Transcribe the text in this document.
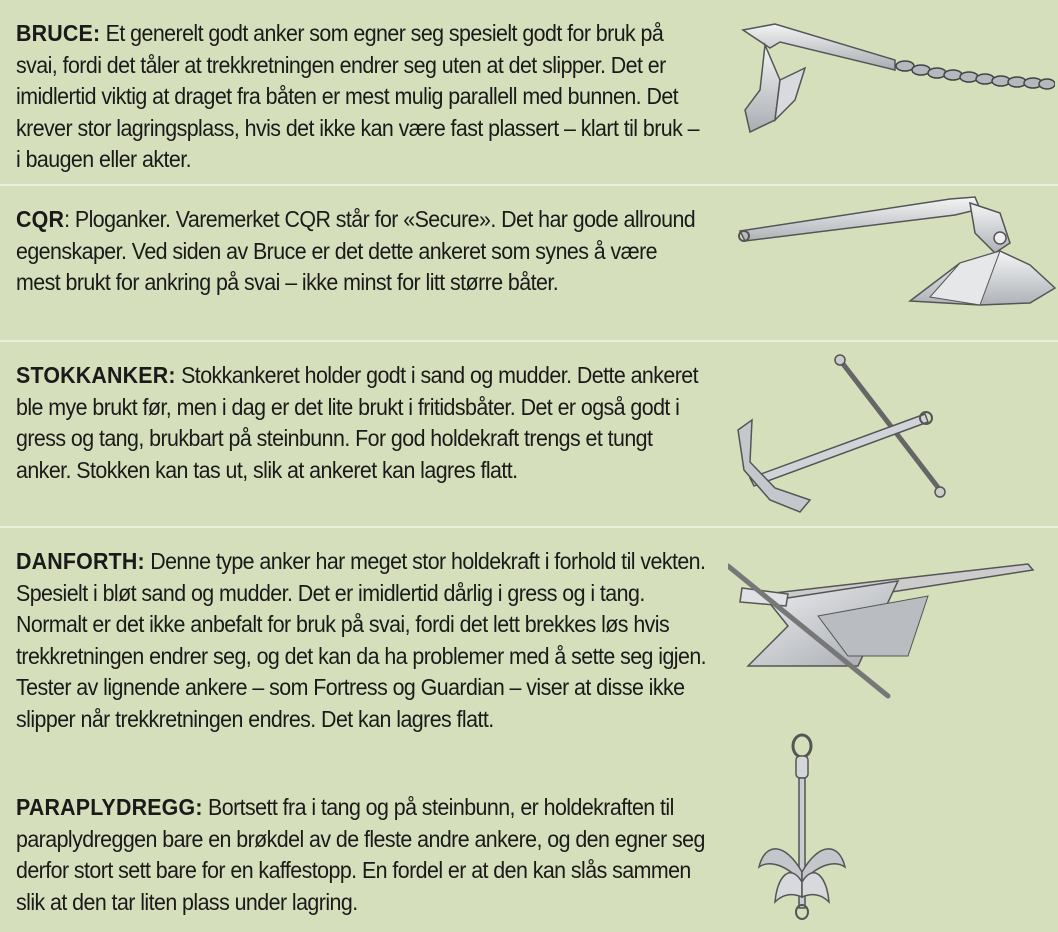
BRUCE: Et generelt godt anker som egner seg spesielt godt for bruk på svai, fordi det tåler at trekkretningen endrer seg uten at det slipper. Det er imidlertid viktig at draget fra båten er mest mulig parallell med bunnen. Det krever stor lagringsplass, hvis det ikke kan være fast plassert – klart til bruk – i baugen eller akter.
CQR: Ploganker. Varemerket CQR står for «Secure». Det har gode allround egenskaper. Ved siden av Bruce er det dette ankeret som synes å være mest brukt for ankring på svai – ikke minst for litt større båter.
STOKKANKER: Stokkankeret holder godt i sand og mudder. Dette ankeret ble mye brukt før, men i dag er det lite brukt i fritidsbåter. Det er også godt i gress og tang, brukbart på steinbunn. For god holdekraft trengs et tungt anker. Stokken kan tas ut, slik at ankeret kan lagres flatt.
DANFORTH: Denne type anker har meget stor holdekraft i forhold til vekten. Spesielt i bløt sand og mudder. Det er imidlertid dårlig i gress og i tang. Normalt er det ikke anbefalt for bruk på svai, fordi det lett brekkes løs hvis trekkretningen endrer seg, og det kan da ha problemer med å sette seg igjen. Tester av lignende ankere – som Fortress og Guardian – viser at disse ikke slipper når trekkretningen endres. Det kan lagres flatt.
PARAPLYDREGG: Bortsett fra i tang og på steinbunn, er holdekraften til paraplydreggen bare en brøkdel av de fleste andre ankere, og den egner seg derfor stort sett bare for en kaffestopp. En fordel er at den kan slås sammen slik at den tar liten plass under lagring.
